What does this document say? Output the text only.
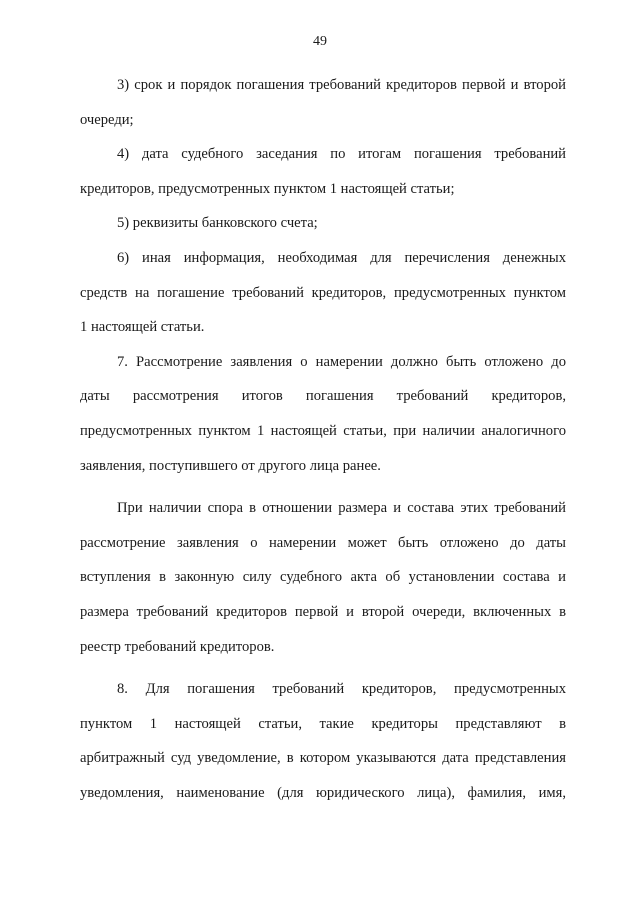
49
3) срок и порядок погашения требований кредиторов первой и второй
очереди;
4) дата судебного заседания по итогам погашения требований
кредиторов, предусмотренных пунктом 1 настоящей статьи;
5) реквизиты банковского счета;
6) иная информация, необходимая для перечисления денежных
средств на погашение требований кредиторов, предусмотренных пунктом
1 настоящей статьи.
7. Рассмотрение заявления о намерении должно быть отложено до
даты рассмотрения итогов погашения требований кредиторов,
предусмотренных пунктом 1 настоящей статьи, при наличии аналогичного
заявления, поступившего от другого лица ранее.
При наличии спора в отношении размера и состава этих требований
рассмотрение заявления о намерении может быть отложено до даты
вступления в законную силу судебного акта об установлении состава и
размера требований кредиторов первой и второй очереди, включенных в
реестр требований кредиторов.
8. Для погашения требований кредиторов, предусмотренных
пунктом 1 настоящей статьи, такие кредиторы представляют в
арбитражный суд уведомление, в котором указываются дата представления
уведомления, наименование (для юридического лица), фамилия, имя,
